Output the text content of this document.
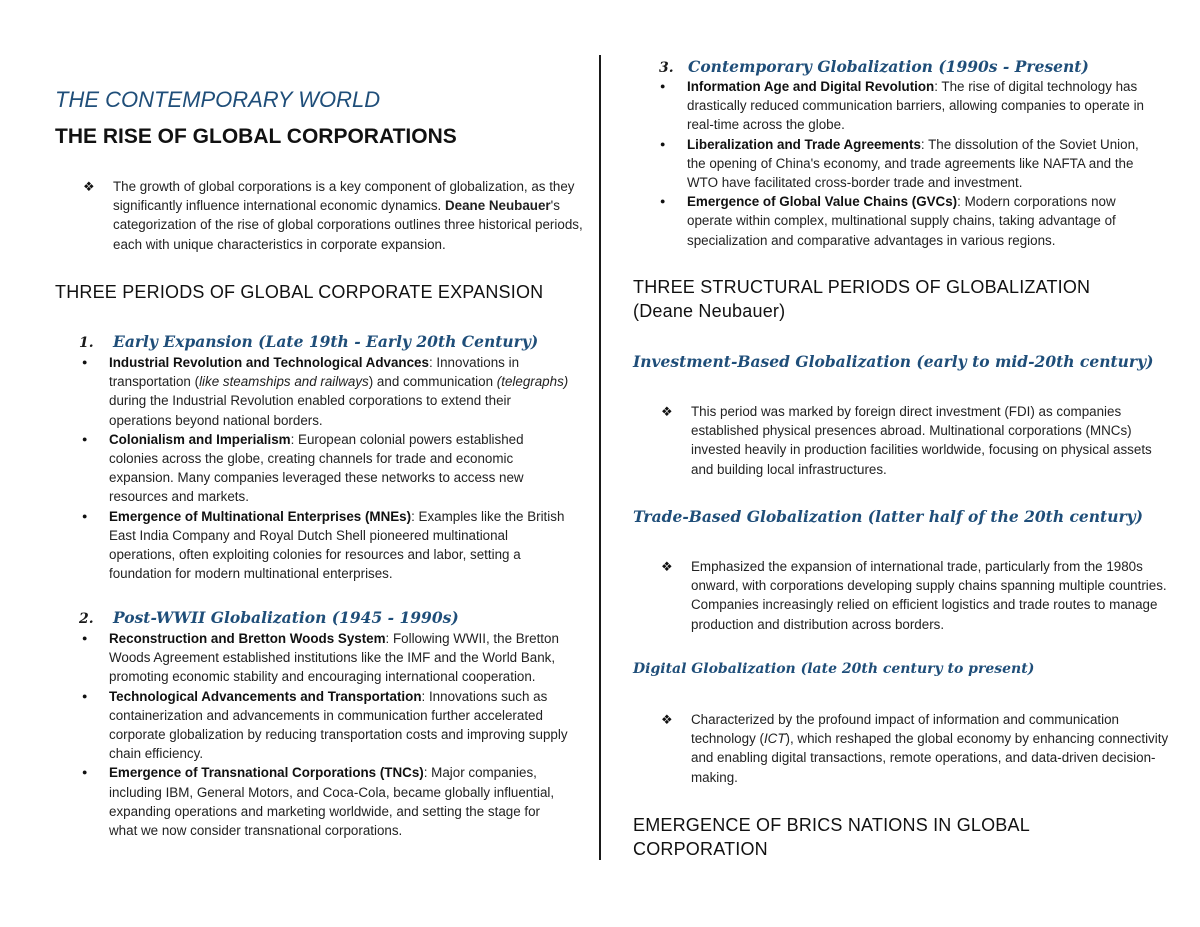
THE CONTEMPORARY WORLD
THE RISE OF GLOBAL CORPORATIONS
❖ The growth of global corporations is a key component of globalization, as they significantly influence international economic dynamics. Deane Neubauer's categorization of the rise of global corporations outlines three historical periods, each with unique characteristics in corporate expansion.
THREE PERIODS OF GLOBAL CORPORATE EXPANSION
1. Early Expansion (Late 19th - Early 20th Century)
● Industrial Revolution and Technological Advances: Innovations in transportation (like steamships and railways) and communication (telegraphs) during the Industrial Revolution enabled corporations to extend their operations beyond national borders.
● Colonialism and Imperialism: European colonial powers established colonies across the globe, creating channels for trade and economic expansion. Many companies leveraged these networks to access new resources and markets.
● Emergence of Multinational Enterprises (MNEs): Examples like the British East India Company and Royal Dutch Shell pioneered multinational operations, often exploiting colonies for resources and labor, setting a foundation for modern multinational enterprises.
2. Post-WWII Globalization (1945 - 1990s)
● Reconstruction and Bretton Woods System: Following WWII, the Bretton Woods Agreement established institutions like the IMF and the World Bank, promoting economic stability and encouraging international cooperation.
● Technological Advancements and Transportation: Innovations such as containerization and advancements in communication further accelerated corporate globalization by reducing transportation costs and improving supply chain efficiency.
● Emergence of Transnational Corporations (TNCs): Major companies, including IBM, General Motors, and Coca-Cola, became globally influential, expanding operations and marketing worldwide, and setting the stage for what we now consider transnational corporations.
3. Contemporary Globalization (1990s - Present)
● Information Age and Digital Revolution: The rise of digital technology has drastically reduced communication barriers, allowing companies to operate in real-time across the globe.
● Liberalization and Trade Agreements: The dissolution of the Soviet Union, the opening of China's economy, and trade agreements like NAFTA and the WTO have facilitated cross-border trade and investment.
● Emergence of Global Value Chains (GVCs): Modern corporations now operate within complex, multinational supply chains, taking advantage of specialization and comparative advantages in various regions.
THREE STRUCTURAL PERIODS OF GLOBALIZATION (Deane Neubauer)
Investment-Based Globalization (early to mid-20th century)
❖ This period was marked by foreign direct investment (FDI) as companies established physical presences abroad. Multinational corporations (MNCs) invested heavily in production facilities worldwide, focusing on physical assets and building local infrastructures.
Trade-Based Globalization (latter half of the 20th century)
❖ Emphasized the expansion of international trade, particularly from the 1980s onward, with corporations developing supply chains spanning multiple countries. Companies increasingly relied on efficient logistics and trade routes to manage production and distribution across borders.
Digital Globalization (late 20th century to present)
❖ Characterized by the profound impact of information and communication technology (ICT), which reshaped the global economy by enhancing connectivity and enabling digital transactions, remote operations, and data-driven decision-making.
EMERGENCE OF BRICS NATIONS IN GLOBAL CORPORATION
